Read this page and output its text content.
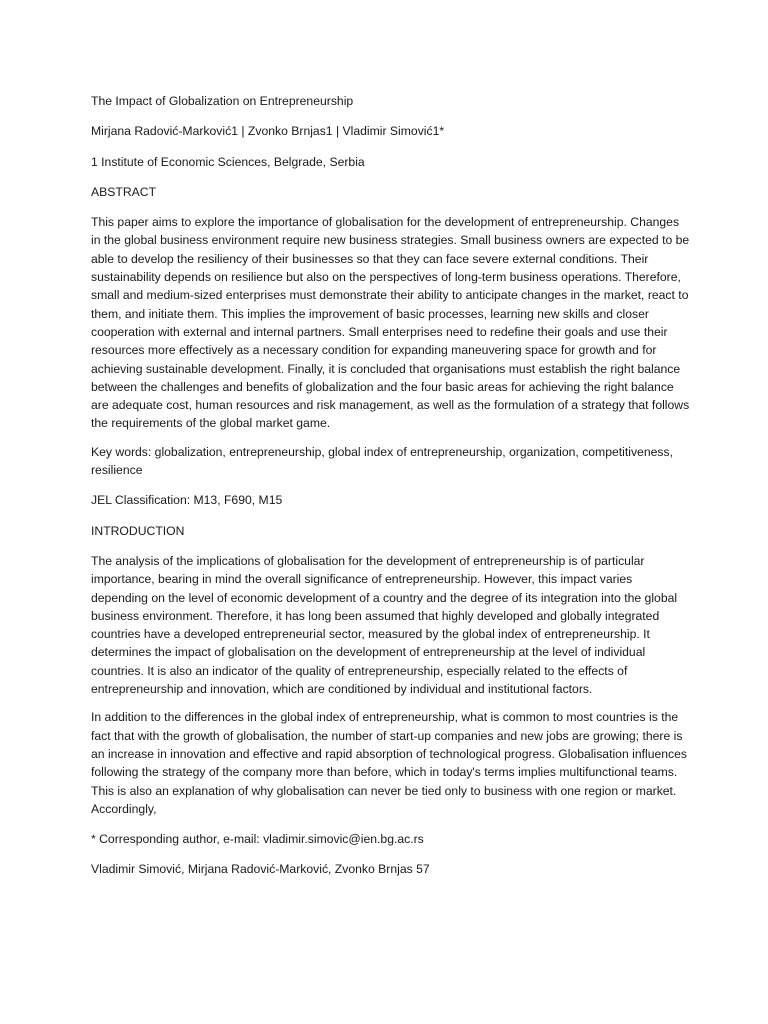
The Impact of Globalization on Entrepreneurship

Mirjana Radović-Marković1 | Zvonko Brnjas1 | Vladimir Simović1*

1 Institute of Economic Sciences, Belgrade, Serbia

ABSTRACT

This paper aims to explore the importance of globalisation for the development of entrepreneurship. Changes in the global business environment require new business strategies. Small business owners are expected to be able to develop the resiliency of their businesses so that they can face severe external conditions. Their sustainability depends on resilience but also on the perspectives of long-term business operations. Therefore, small and medium-sized enterprises must demonstrate their ability to anticipate changes in the market, react to them, and initiate them. This implies the improvement of basic processes, learning new skills and closer cooperation with external and internal partners. Small enterprises need to redefine their goals and use their resources more effectively as a necessary condition for expanding maneuvering space for growth and for achieving sustainable development. Finally, it is concluded that organisations must establish the right balance between the challenges and benefits of globalization and the four basic areas for achieving the right balance are adequate cost, human resources and risk management, as well as the formulation of a strategy that follows the requirements of the global market game.

Key words: globalization, entrepreneurship, global index of entrepreneurship, organization, competitiveness, resilience

JEL Classification: M13, F690, M15

INTRODUCTION

The analysis of the implications of globalisation for the development of entrepreneurship is of particular importance, bearing in mind the overall significance of entrepreneurship. However, this impact varies depending on the level of economic development of a country and the degree of its integration into the global business environment. Therefore, it has long been assumed that highly developed and globally integrated countries have a developed entrepreneurial sector, measured by the global index of entrepreneurship. It determines the impact of globalisation on the development of entrepreneurship at the level of individual countries. It is also an indicator of the quality of entrepreneurship, especially related to the effects of entrepreneurship and innovation, which are conditioned by individual and institutional factors.

In addition to the differences in the global index of entrepreneurship, what is common to most countries is the fact that with the growth of globalisation, the number of start-up companies and new jobs are growing; there is an increase in innovation and effective and rapid absorption of technological progress. Globalisation influences following the strategy of the company more than before, which in today's terms implies multifunctional teams. This is also an explanation of why globalisation can never be tied only to business with one region or market. Accordingly,

* Corresponding author, e-mail: vladimir.simovic@ien.bg.ac.rs

Vladimir Simović, Mirjana Radović-Marković, Zvonko Brnjas 57
